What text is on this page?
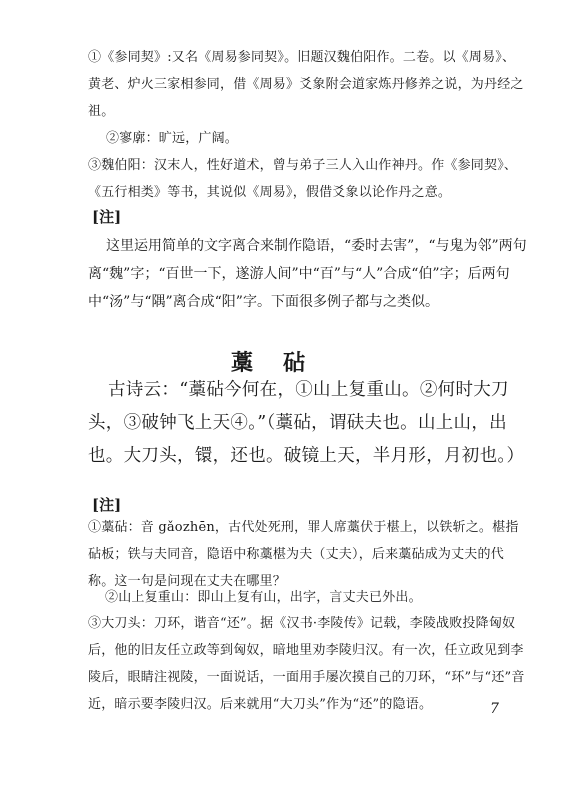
①《参同契》:又名《周易参同契》。旧题汉魏伯阳作。二卷。以《周易》、黄老、炉火三家相参同，借《周易》爻象附会道家炼丹修养之说，为丹经之祖。

②寥廓：旷远，广阔。

③魏伯阳：汉末人，性好道术，曾与弟子三人入山作神丹。作《参同契》、《五行相类》等书，其说似《周易》，假借爻象以论作丹之意。

[注]

这里运用简单的文字离合来制作隐语，“委时去害”，“与鬼为邻”两句离“魏”字；“百世一下，遂游人间”中“百”与“人”合成“伯”字；后两句中“汤”与“隅”离合成“阳”字。下面很多例子都与之类似。

藁砧

古诗云：“藁砧今何在，①山上复重山。②何时大刀头，③破钟飞上天④。”（藁砧，谓砆夫也。山上山，出也。大刀头，镮，还也。破镜上天，半月形，月初也。）

[注]

①藁砧：音 gǎozhēn，古代处死刑，罪人席藁伏于椹上，以铁斩之。椹指砧板；铁与夫同音，隐语中称藁椹为夫（丈夫），后来藁砧成为丈夫的代称。这一句是问现在丈夫在哪里？

②山上复重山：即山上复有山，出字，言丈夫已外出。

③大刀头：刀环，谐音“还”。据《汉书·李陵传》记载，李陵战败投降匈奴后，他的旧友任立政等到匈奴，暗地里劝李陵归汉。有一次，任立政见到李陵后，眼睛注视陵，一面说话，一面用手屡次摸自己的刀环，“环”与“还”音近，暗示要李陵归汉。后来就用“大刀头”作为“还”的隐语。	7
